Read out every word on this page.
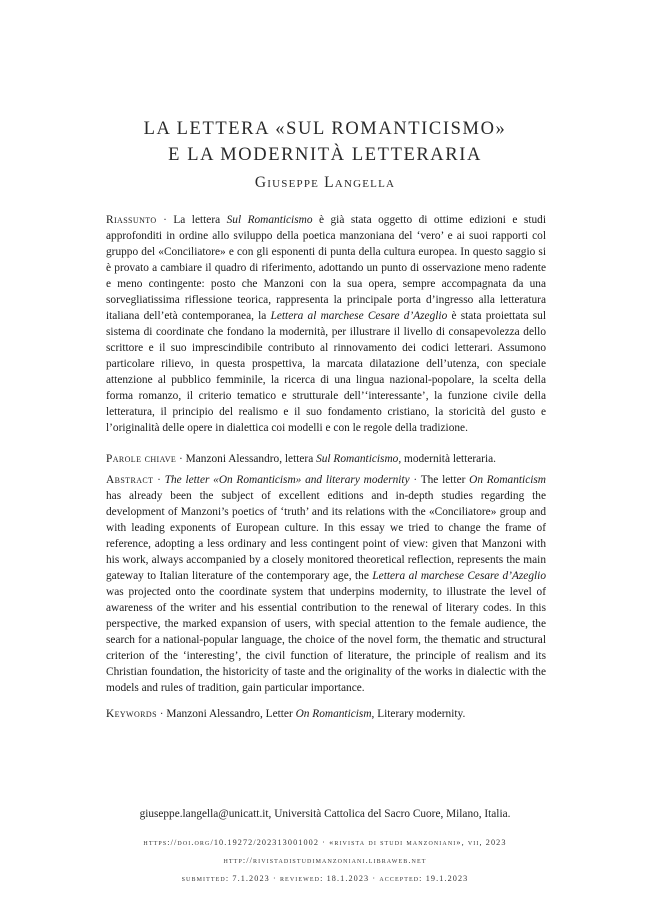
LA LETTERA «SUL ROMANTICISMO»
E LA MODERNITÀ LETTERARIA
Giuseppe Langella
Riassunto · La lettera Sul Romanticismo è già stata oggetto di ottime edizioni e studi approfonditi in ordine allo sviluppo della poetica manzoniana del ‘vero’ e ai suoi rapporti col gruppo del «Conciliatore» e con gli esponenti di punta della cultura europea. In questo saggio si è provato a cambiare il quadro di riferimento, adottando un punto di osservazione meno radente e meno contingente: posto che Manzoni con la sua opera, sempre accompagnata da una sorvegliatissima riflessione teorica, rappresenta la principale porta d’ingresso alla letteratura italiana dell’età contemporanea, la Lettera al marchese Cesare d’Azeglio è stata proiettata sul sistema di coordinate che fondano la modernità, per illustrare il livello di consapevolezza dello scrittore e il suo imprescindibile contributo al rinnovamento dei codici letterari. Assumono particolare rilievo, in questa prospettiva, la marcata dilatazione dell’utenza, con speciale attenzione al pubblico femminile, la ricerca di una lingua nazional-popolare, la scelta della forma romanzo, il criterio tematico e strutturale dell’‘interessante’, la funzione civile della letteratura, il principio del realismo e il suo fondamento cristiano, la storicità del gusto e l’originalità delle opere in dialettica coi modelli e con le regole della tradizione.
Parole chiave · Manzoni Alessandro, lettera Sul Romanticismo, modernità letteraria.
Abstract · The letter «On Romanticism» and literary modernity · The letter On Romanticism has already been the subject of excellent editions and in-depth studies regarding the development of Manzoni’s poetics of ‘truth’ and its relations with the «Conciliatore» group and with leading exponents of European culture. In this essay we tried to change the frame of reference, adopting a less ordinary and less contingent point of view: given that Manzoni with his work, always accompanied by a closely monitored theoretical reflection, represents the main gateway to Italian literature of the contemporary age, the Lettera al marchese Cesare d’Azeglio was projected onto the coordinate system that underpins modernity, to illustrate the level of awareness of the writer and his essential contribution to the renewal of literary codes. In this perspective, the marked expansion of users, with special attention to the female audience, the search for a national-popular language, the choice of the novel form, the thematic and structural criterion of the ‘interesting’, the civil function of literature, the principle of realism and its Christian foundation, the historicity of taste and the originality of the works in dialectic with the models and rules of tradition, gain particular importance.
Keywords · Manzoni Alessandro, Letter On Romanticism, Literary modernity.
giuseppe.langella@unicatt.it, Università Cattolica del Sacro Cuore, Milano, Italia.
https://doi.org/10.19272/202313001002 · «rivista di studi manzoniani», vii, 2023
http://rivistadistudimanzoniani.libraweb.net
submitted: 7.1.2023 · reviewed: 18.1.2023 · accepted: 19.1.2023
